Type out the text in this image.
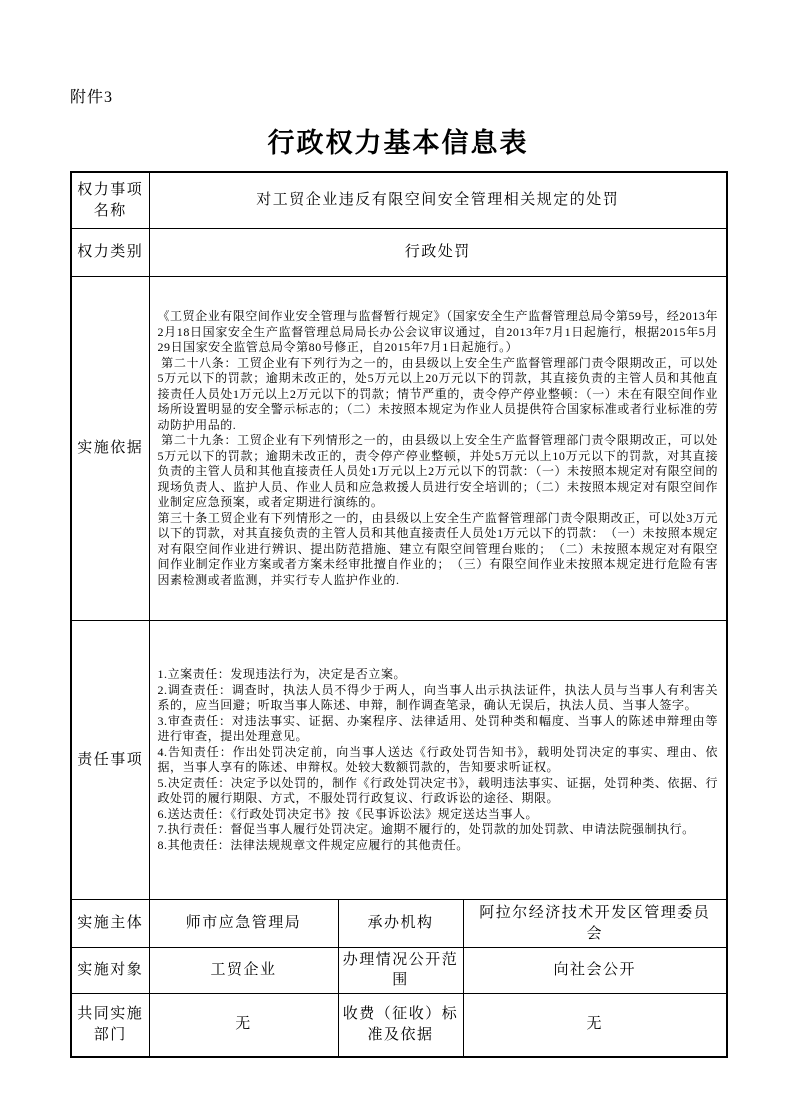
附件3

行政权力基本信息表
权力事项名称	对工贸企业违反有限空间安全管理相关规定的处罚		
权力类别	行政处罚		
实施依据	《工贸企业有限空间作业安全管理与监督暂行规定》（国家安全生产监督管理总局令第59号，经2013年2月18日国家安全生产监督管理总局局长办公会议审议通过，自2013年7月1日起施行，根据2015年5月29日国家安全监管总局令第80号修正，自2015年7月1日起施行。）
第二十八条：工贸企业有下列行为之一的，由县级以上安全生产监督管理部门责令限期改正，可以处5万元以下的罚款；逾期未改正的，处5万元以上20万元以下的罚款，其直接负责的主管人员和其他直接责任人员处1万元以上2万元以下的罚款；情节严重的，责令停产停业整顿：（一）未在有限空间作业场所设置明显的安全警示标志的；（二）未按照本规定为作业人员提供符合国家标准或者行业标准的劳动防护用品的.
第二十九条：工贸企业有下列情形之一的，由县级以上安全生产监督管理部门责令限期改正，可以处5万元以下的罚款；逾期未改正的，责令停产停业整顿，并处5万元以上10万元以下的罚款，对其直接负责的主管人员和其他直接责任人员处1万元以上2万元以下的罚款：（一）未按照本规定对有限空间的现场负责人、监护人员、作业人员和应急救援人员进行安全培训的；（二）未按照本规定对有限空间作业制定应急预案，或者定期进行演练的。
第三十条工贸企业有下列情形之一的，由县级以上安全生产监督管理部门责令限期改正，可以处3万元以下的罚款，对其直接负责的主管人员和其他直接责任人员处1万元以下的罚款：　（一）未按照本规定对有限空间作业进行辨识、提出防范措施、建立有限空间管理台账的；　（二）未按照本规定对有限空间作业制定作业方案或者方案未经审批擅自作业的；　（三）有限空间作业未按照本规定进行危险有害因素检测或者监测，并实行专人监护作业的.		

责任事项	
1.立案责任：发现违法行为，决定是否立案。
2.调查责任：调查时，执法人员不得少于两人，向当事人出示执法证件，执法人员与当事人有利害关系的，应当回避；听取当事人陈述、申辩，制作调查笔录，确认无误后，执法人员、当事人签字。
3.审查责任：对违法事实、证据、办案程序、法律适用、处罚种类和幅度、当事人的陈述申辩理由等进行审查，提出处理意见。
4.告知责任：作出处罚决定前，向当事人送达《行政处罚告知书》，载明处罚决定的事实、理由、依据，当事人享有的陈述、申辩权。处较大数额罚款的，告知要求听证权。
5.决定责任：决定予以处罚的，制作《行政处罚决定书》，载明违法事实、证据，处罚种类、依据、行政处罚的履行期限、方式，不服处罚行政复议、行政诉讼的途径、期限。
6.送达责任：《行政处罚决定书》按《民事诉讼法》规定送达当事人。
7.执行责任：督促当事人履行处罚决定。逾期不履行的，处罚款的加处罚款、申请法院强制执行。
8.其他责任：法律法规规章文件规定应履行的其他责任。

实施主体	师市应急管理局	承办机构	阿拉尔经济技术开发区管理委员会
实施对象	工贸企业	办理情况公开范围	向社会公开
共同实施部门	无	收费（征收）标准及依据	无
